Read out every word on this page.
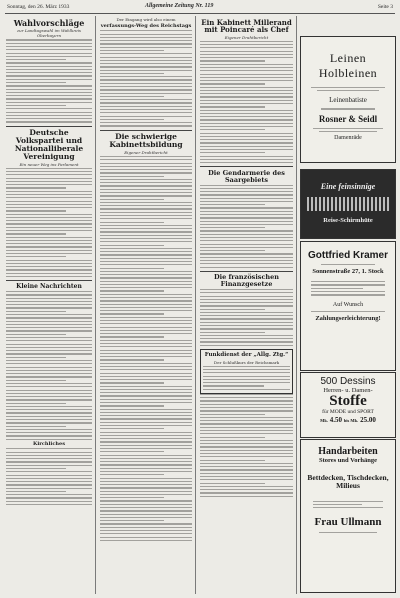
Sonntag, den 26. März 1933	Allgemeine Zeitung Nr. 119	Seite 3
Wahlvorschläge
zur Landtagswahl im Wahlkreis Oberbayern
Deutsche Volkspartei und Nationalliberale Vereinigung
Ein neuer Weg ins Parlament
Kleine Nachrichten
Kirchliches
Der Eingang wird also einem
verfassungs-Weg des Reichstags
Die schwierige Kabinettsbildung
Eigener Drahtbericht
Ein Kabinett Millerand mit Poincaré als Chef
Eigener Drahtbericht
Die Gendarmerie des Saargebiets
Die französischen Finanzgesetze
Funkdienst der „Allg. Ztg.“
Der Schlußkurs der Reichsmark
Leinen
Holbleinen
Leinenbatiste
Rosner & Seidl
Damenräde
Eine feinsinnige
Reise-Schirmhüte
Gottfried Kramer
Sonnenstraße 27, 1. Stock
Auf Wunsch
Zahlungserleichterung!
500 Dessins
Herren- u. Damen-
Stoffe
für MODE und SPORT
Mk. 4.50 bis Mk. 25.00
Handarbeiten
Stores und Vorhänge
Bettdecken, Tischdecken, Milieus
Frau Ullmann
